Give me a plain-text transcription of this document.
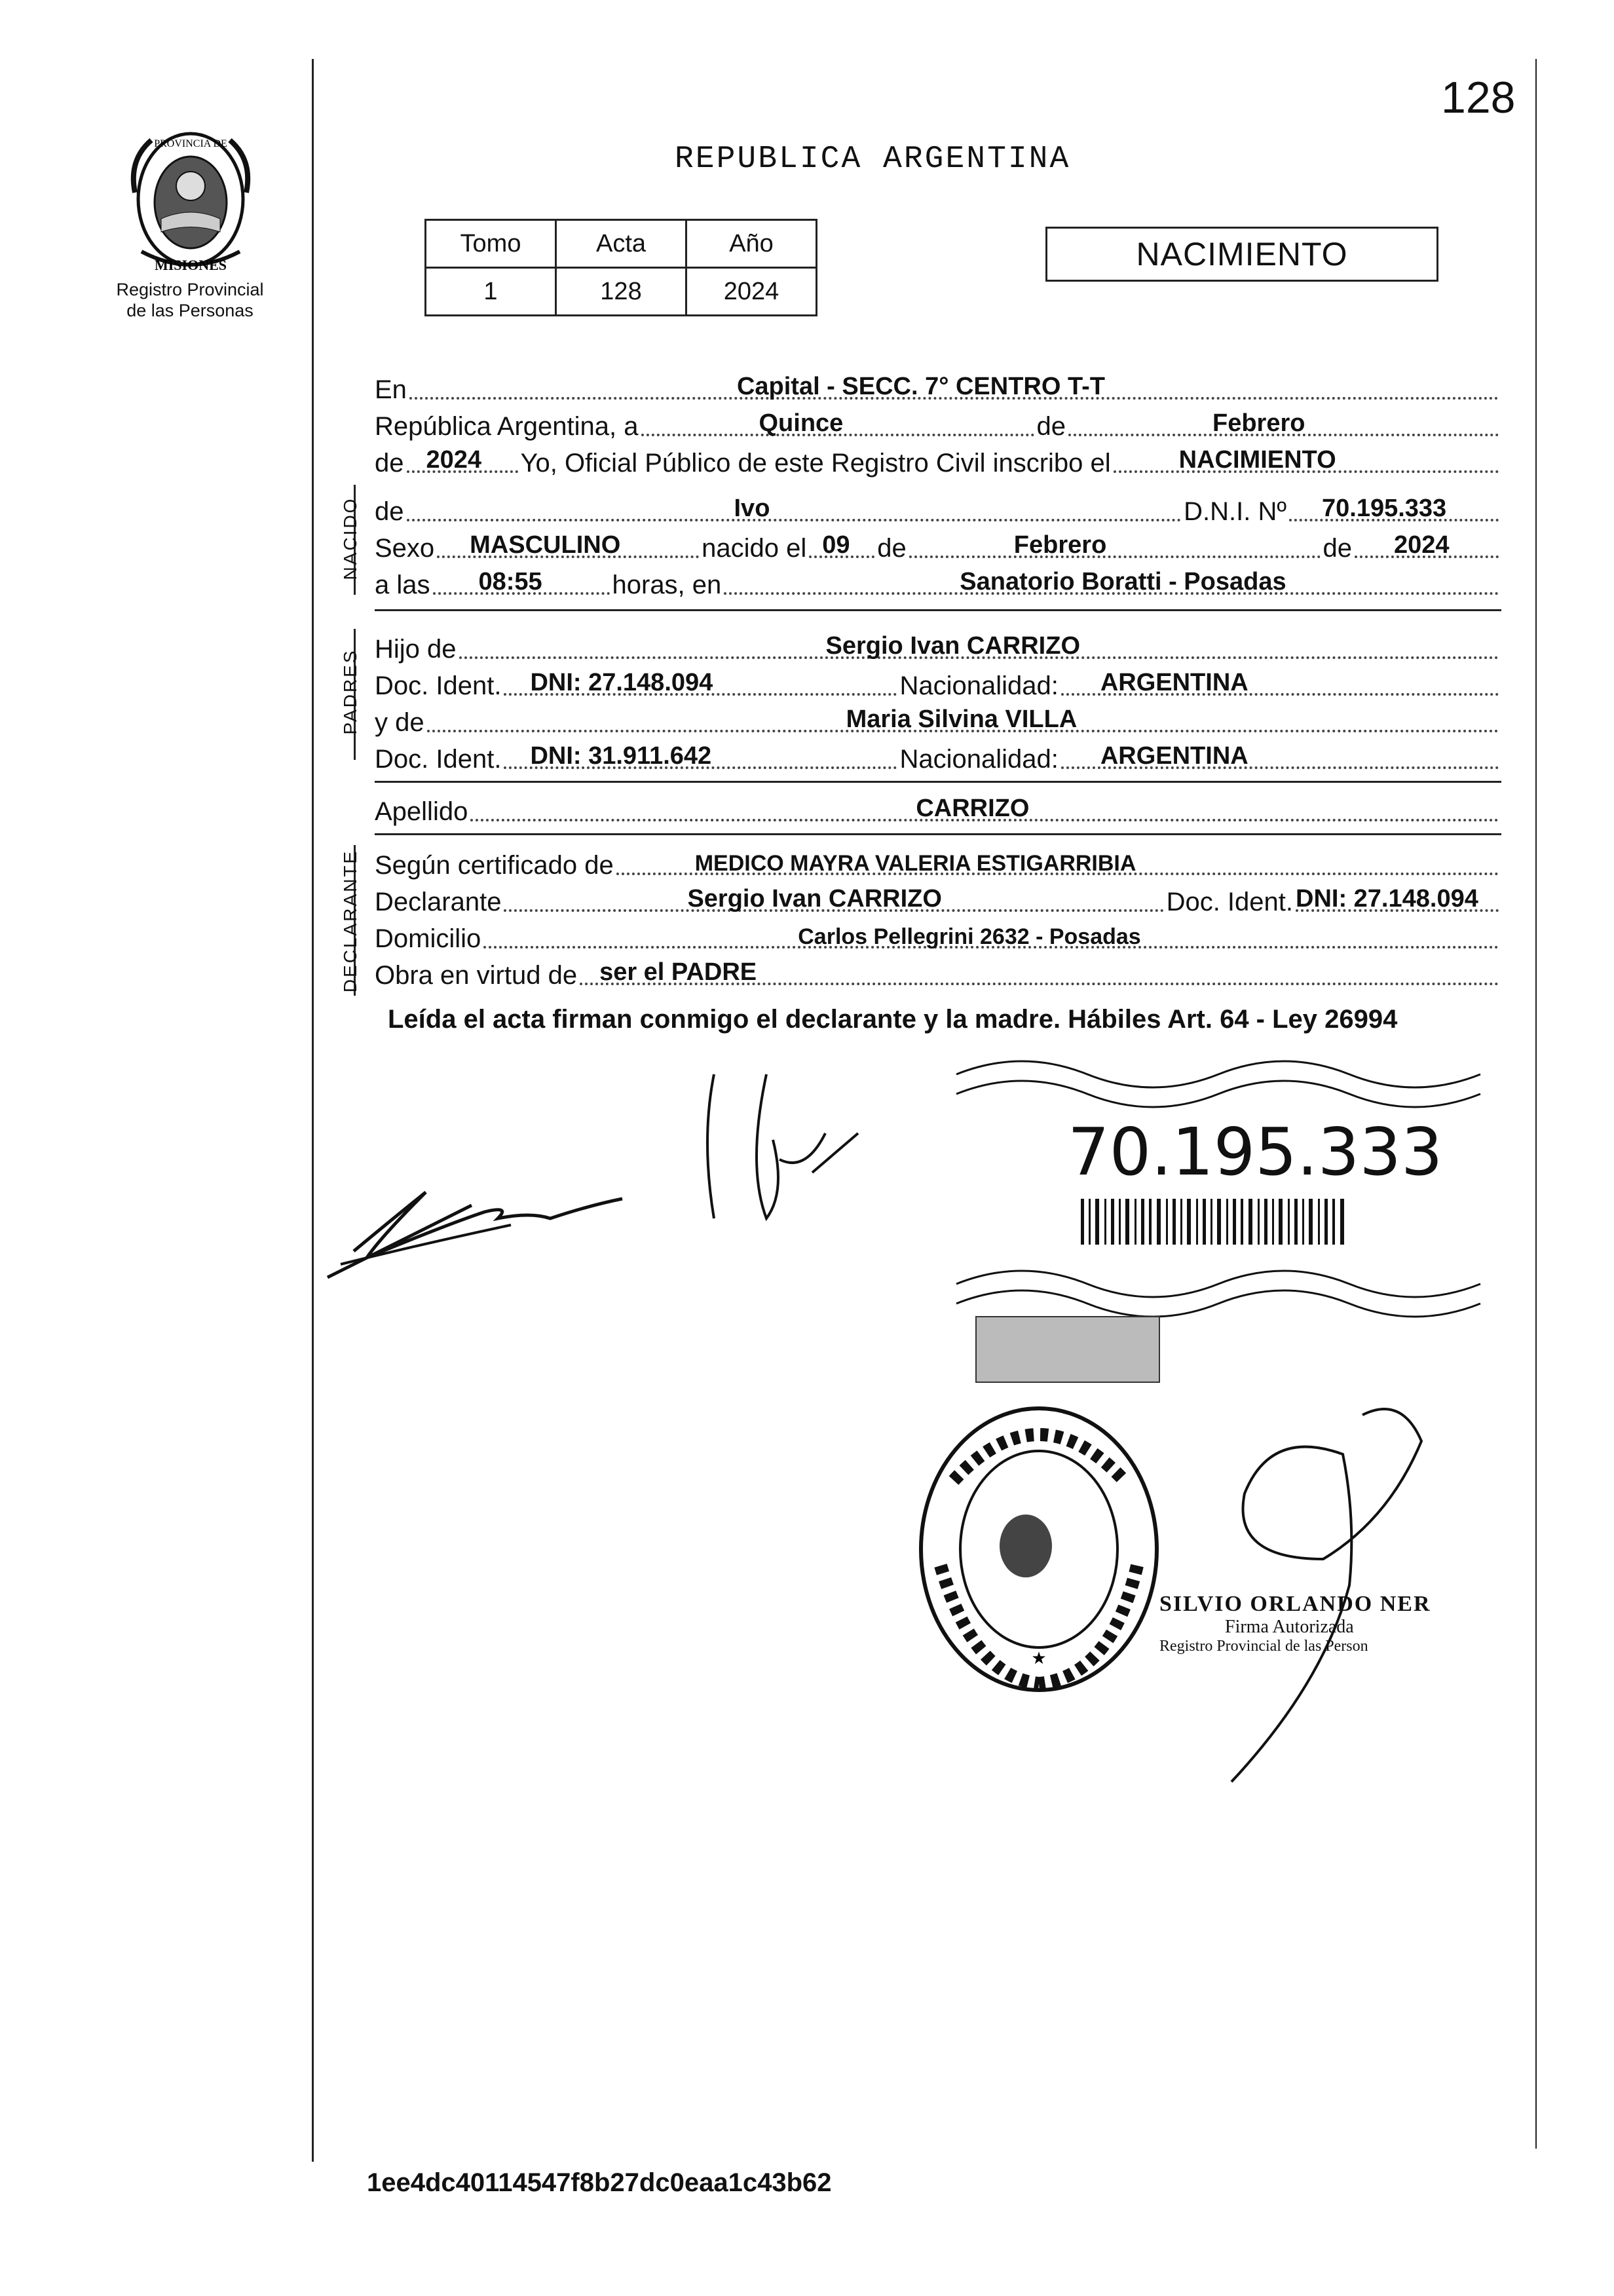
128
MISIONES
PROVINCIA DE
Registro Provincial
de las Personas
REPUBLICA ARGENTINA
Tomo	Acta	Año
1	128	2024
NACIMIENTO
En	Capital - SECC. 7° CENTRO T-T
República Argentina, a	Quince	de	Febrero
de 2024 Yo, Oficial Público de este Registro Civil inscribo el	NACIMIENTO
NACIDO de	Ivo	D.N.I. Nº 70.195.333
Sexo MASCULINO	nacido el 09 de	Febrero	de 2024
a las 08:55	horas, en	Sanatorio Boratti - Posadas
PADRES Hijo de	Sergio Ivan CARRIZO
Doc. Ident. DNI: 27.148.094	Nacionalidad: ARGENTINA
y de	Maria Silvina VILLA
Doc. Ident. DNI: 31.911.642	Nacionalidad: ARGENTINA
Apellido	CARRIZO
DECLARANTE Según certificado de	MEDICO MAYRA VALERIA ESTIGARRIBIA
Declarante	Sergio Ivan CARRIZO	Doc. Ident. DNI: 27.148.094
Domicilio	Carlos Pellegrini 2632 - Posadas
Obra en virtud de ser el PADRE
Leída el acta firman conmigo el declarante y la madre. Hábiles Art. 64 - Ley 26994
70.195.333
★
SILVIO ORLANDO NER
Firma Autorizada
Registro Provincial de las Person
1ee4dc40114547f8b27dc0eaa1c43b62
